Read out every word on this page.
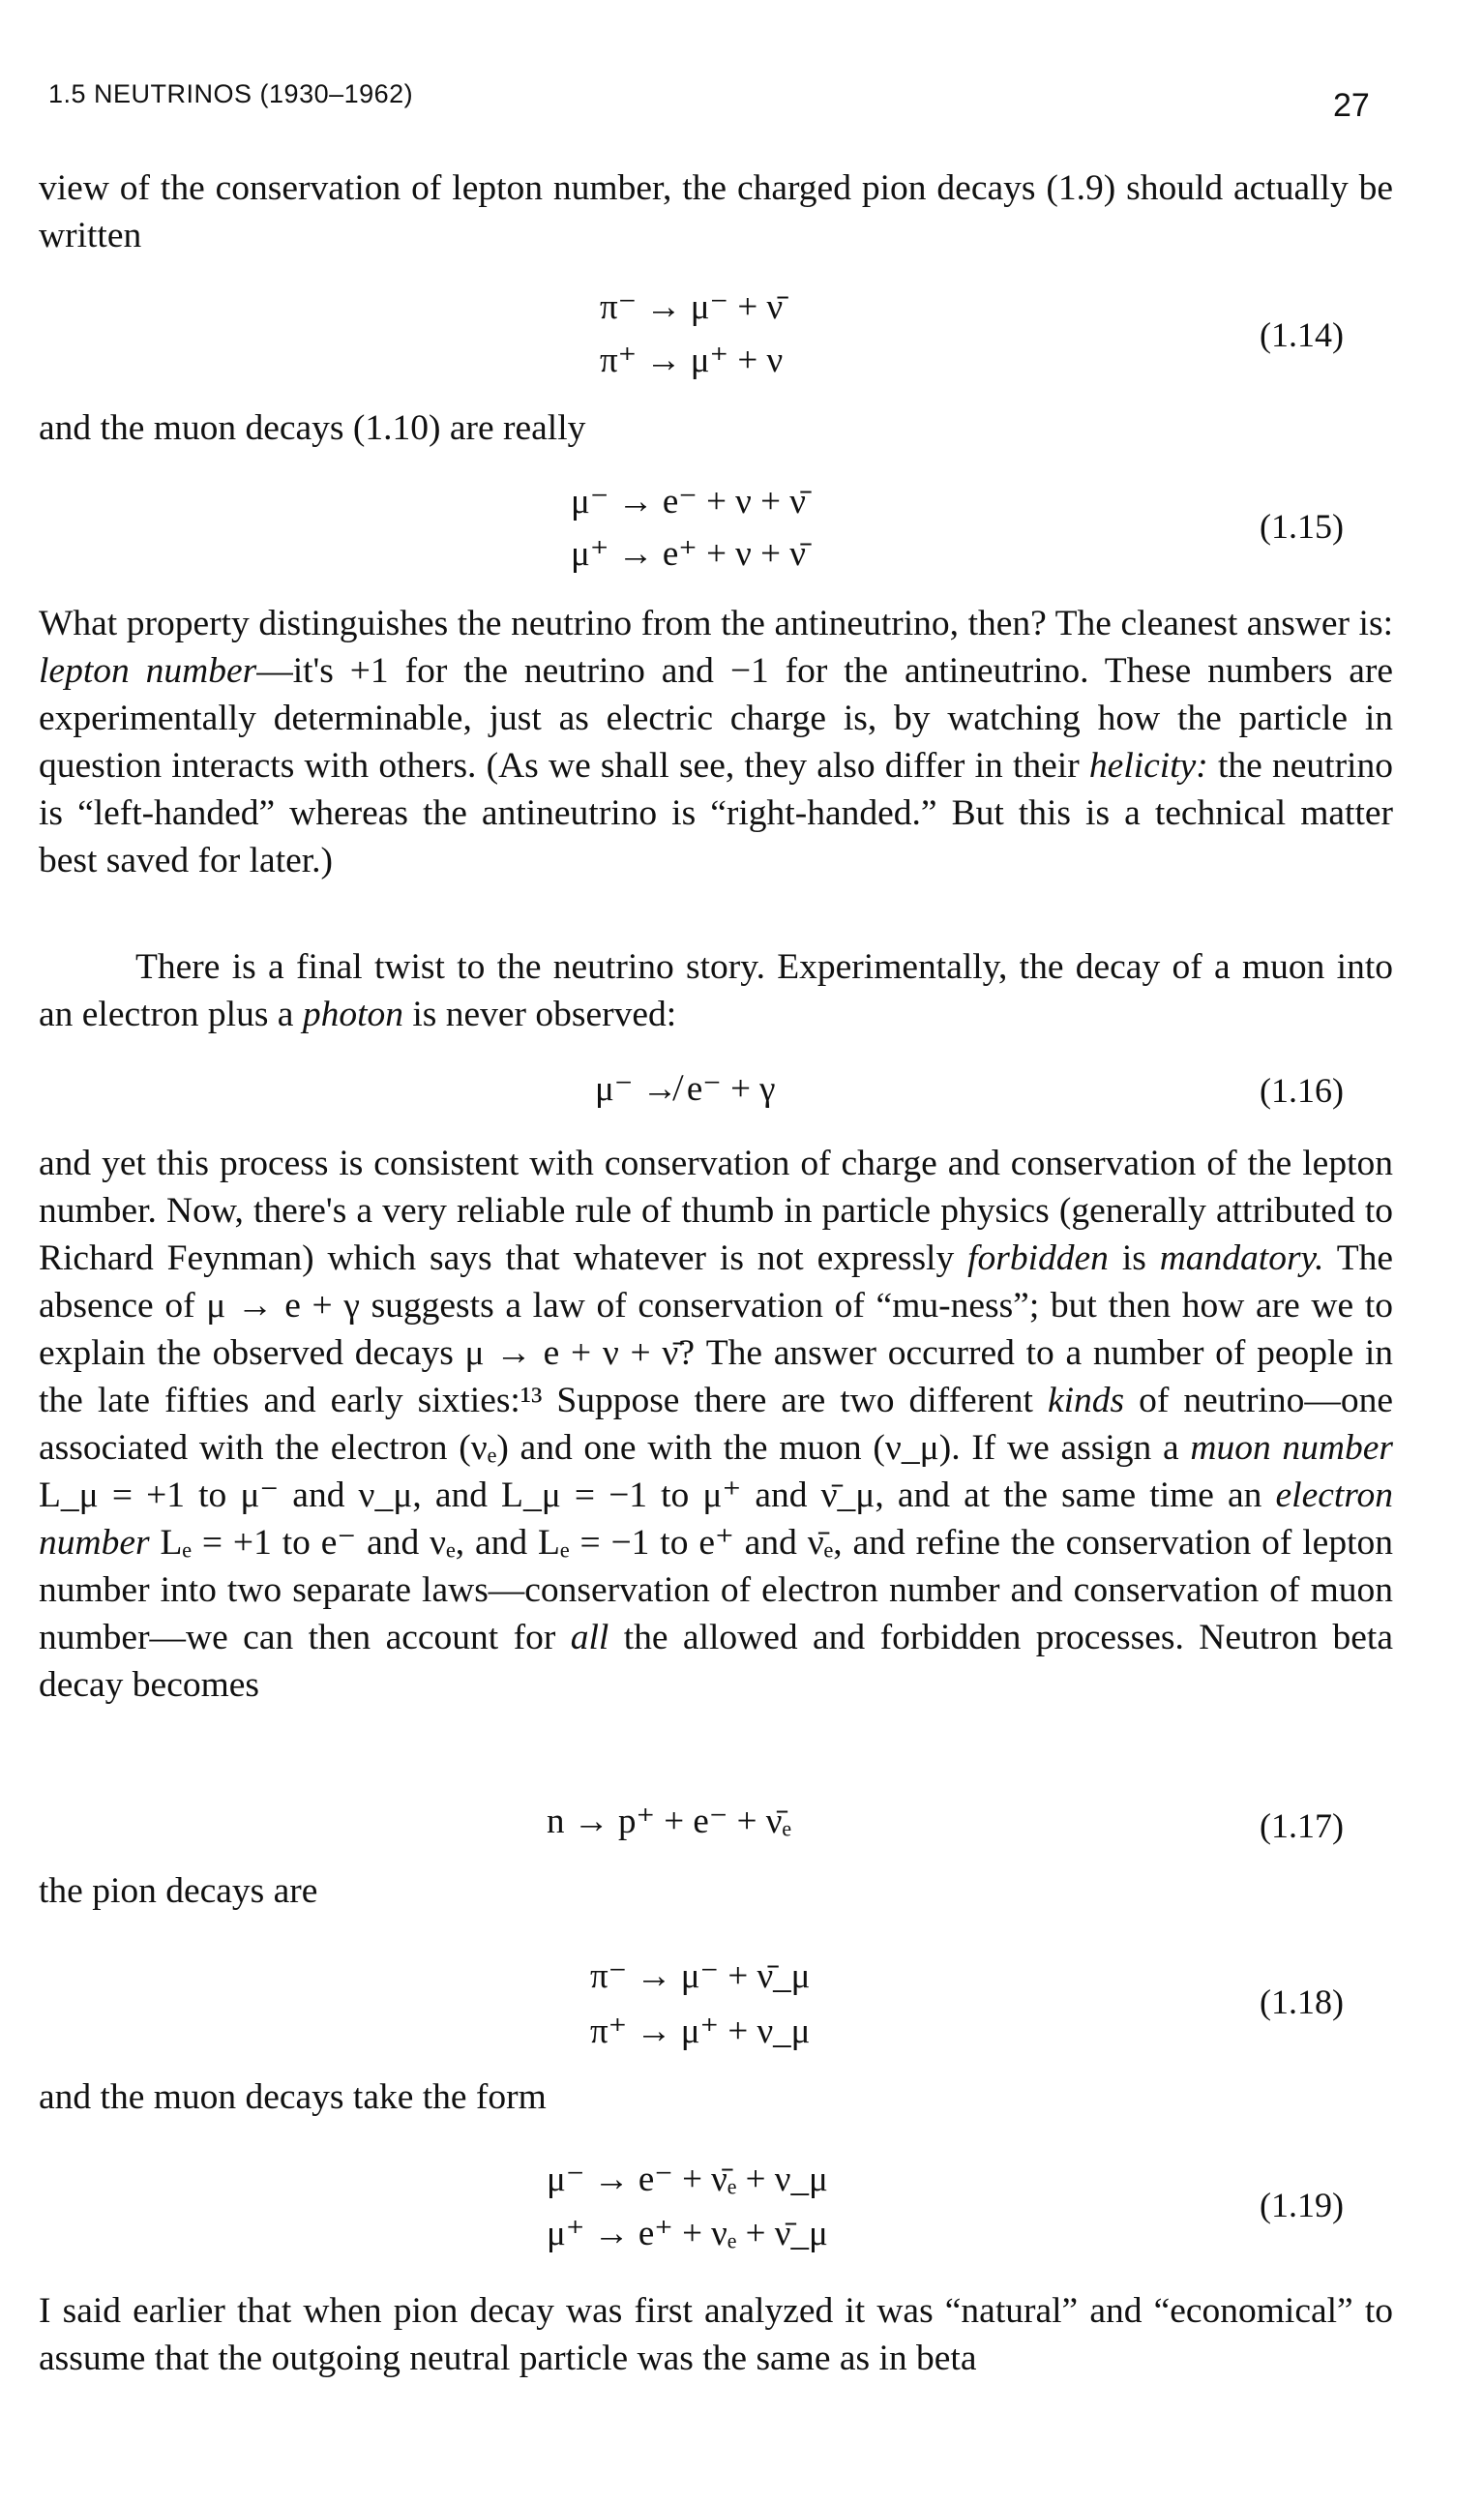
1.5 NEUTRINOS (1930–1962)	27

view of the conservation of lepton number, the charged pion decays (1.9) should actually be written

π⁻ → μ⁻ + ν̄
π⁺ → μ⁺ + ν
(1.14)

and the muon decays (1.10) are really

μ⁻ → e⁻ + ν + ν̄
μ⁺ → e⁺ + ν + ν̄
(1.15)

What property distinguishes the neutrino from the antineutrino, then? The cleanest answer is: lepton number—it's +1 for the neutrino and −1 for the antineutrino. These numbers are experimentally determinable, just as electric charge is, by watching how the particle in question interacts with others. (As we shall see, they also differ in their helicity: the neutrino is “left-handed” whereas the antineutrino is “right-handed.” But this is a technical matter best saved for later.)

There is a final twist to the neutrino story. Experimentally, the decay of a muon into an electron plus a photon is never observed:

μ⁻ ↛ e⁻ + γ	(1.16)

and yet this process is consistent with conservation of charge and conservation of the lepton number. Now, there's a very reliable rule of thumb in particle physics (generally attributed to Richard Feynman) which says that whatever is not expressly forbidden is mandatory. The absence of μ → e + γ suggests a law of conservation of “mu-ness”; but then how are we to explain the observed decays μ → e + ν + ν̄? The answer occurred to a number of people in the late fifties and early sixties:¹³ Suppose there are two different kinds of neutrino—one associated with the electron (νₑ) and one with the muon (ν_μ). If we assign a muon number L_μ = +1 to μ⁻ and ν_μ, and L_μ = −1 to μ⁺ and ν̄_μ, and at the same time an electron number Lₑ = +1 to e⁻ and νₑ, and Lₑ = −1 to e⁺ and ν̄ₑ, and refine the conservation of lepton number into two separate laws—conservation of electron number and conservation of muon number—we can then account for all the allowed and forbidden processes. Neutron beta decay becomes

n → p⁺ + e⁻ + ν̄ₑ	(1.17)

the pion decays are

π⁻ → μ⁻ + ν̄_μ
π⁺ → μ⁺ + ν_μ
(1.18)

and the muon decays take the form

μ⁻ → e⁻ + ν̄ₑ + ν_μ
μ⁺ → e⁺ + νₑ + ν̄_μ
(1.19)

I said earlier that when pion decay was first analyzed it was “natural” and “economical” to assume that the outgoing neutral particle was the same as in beta
